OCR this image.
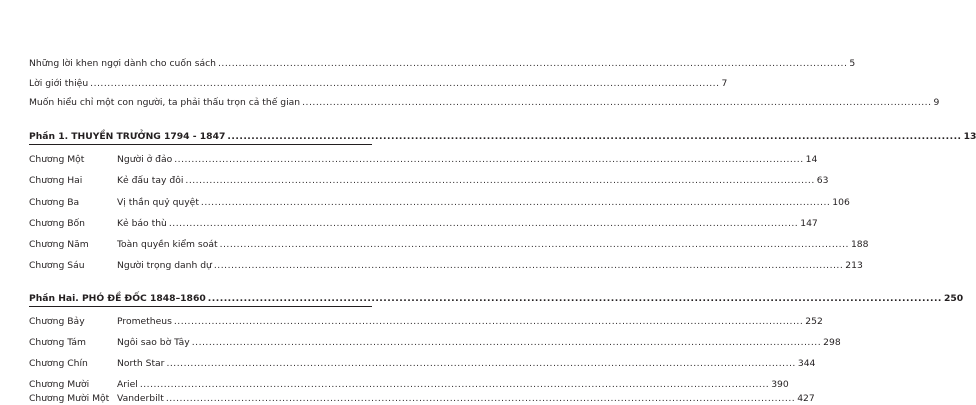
Những lời khen ngợi dành cho cuốn sách ........................................................................................................................................................................................ 5
Lời giới thiệu ........................................................................................................................................................................................ 7
Muốn hiểu chỉ một con người, ta phải thấu trọn cả thế gian ........................................................................................................................................................................................ 9
Phần 1. THUYỀN TRƯỞNG 1794 - 1847 ........................................................................................................................................................................................ 13
Chương Một	Người ở đảo ........................................................................................................................................................................................ 14
Chương Hai	Kẻ đấu tay đôi ........................................................................................................................................................................................ 63
Chương Ba	Vị thần quỷ quyệt ........................................................................................................................................................................................ 106
Chương Bốn	Kẻ báo thù ........................................................................................................................................................................................ 147
Chương Năm	Toàn quyền kiểm soát ........................................................................................................................................................................................ 188
Chương Sáu	Người trọng danh dự ........................................................................................................................................................................................ 213
Phần Hai. PHÓ ĐỀ ĐỐC 1848–1860 ........................................................................................................................................................................................ 250
Chương Bảy	Prometheus ........................................................................................................................................................................................ 252
Chương Tám	Ngôi sao bờ Tây ........................................................................................................................................................................................ 298
Chương Chín	North Star ........................................................................................................................................................................................ 344
Chương Mười	Ariel ........................................................................................................................................................................................ 390
Chương Mười Một Vanderbilt ........................................................................................................................................................................................ 427
